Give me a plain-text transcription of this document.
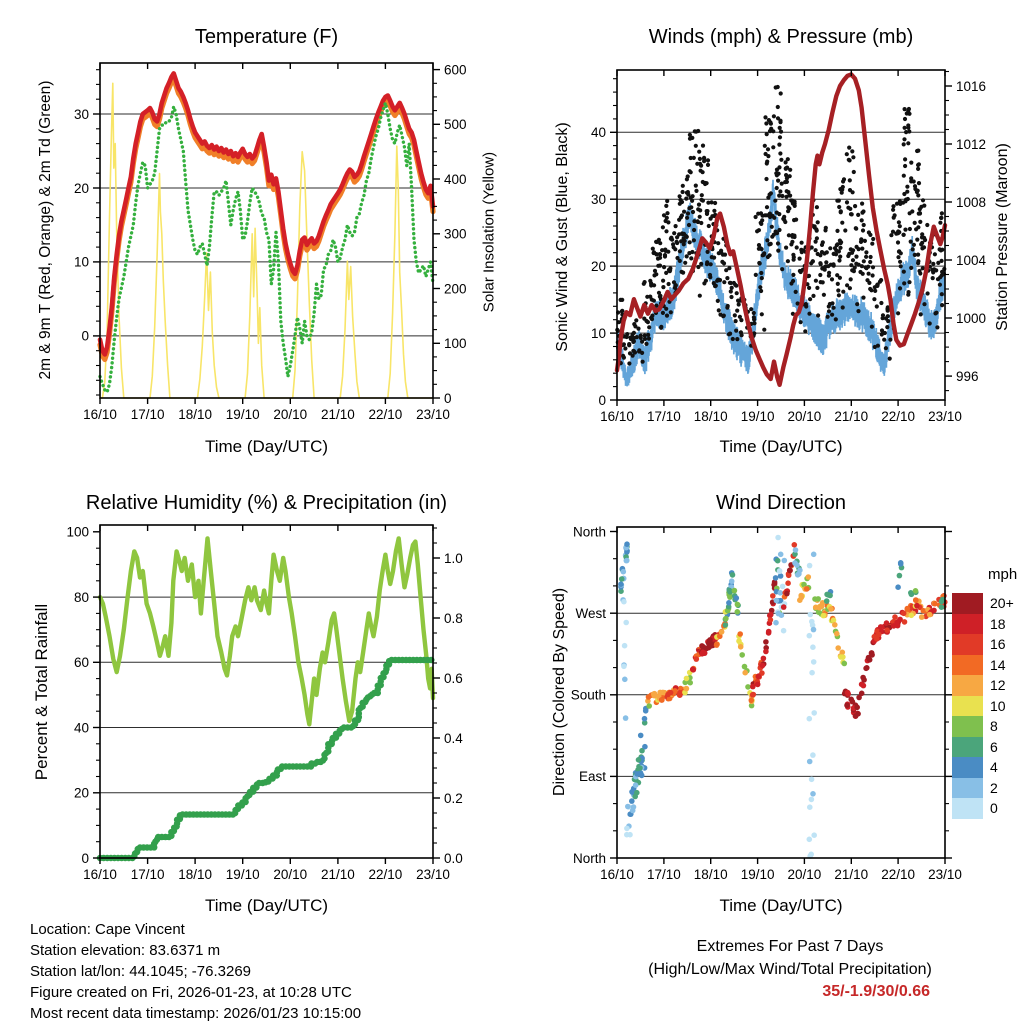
16/10 17/10 18/10 19/10 20/10 21/10 22/10 23/10
0
10
20
30
0
100
200
300
400
500
600
16/10 17/10 18/10 19/10 20/10 21/10 22/10 23/10
0
10
20
30
40
996
1000
1004
1008
1012
1016
16/10 17/10 18/10 19/10 20/10 21/10 22/10 23/10
0
20
40
60
80
100
0.0
0.2
0.4
0.6
0.8
1.0
16/10 17/10 18/10 19/10 20/10 21/10 22/10 23/10
North
West
South
East
North
Temperature (F)	Winds (mph) & Pressure (mb)
Relative Humidity (%) & Precipitation (in)	Wind Direction
2m & 9m T (Red, Orange) & 2m Td (Green)	Solar Insolation (Yellow)	Sonic Wind & Gust (Blue, Black)	Station Pressure (Maroon)
Percent & Total Rainfall	Direction (Colored By Speed)
Time (Day/UTC)	Time (Day/UTC)
Time (Day/UTC)	Time (Day/UTC)
mph
20+
18
16
14
12
10
8
6
4
2
0
Location: Cape Vincent
Station elevation: 83.6371 m
Station lat/lon: 44.1045; -76.3269
Figure created on Fri, 2026-01-23, at 10:28 UTC
Most recent data timestamp: 2026/01/23 10:15:00
Extremes For Past 7 Days
(High/Low/Max Wind/Total Precipitation)
35/-1.9/30/0.66
